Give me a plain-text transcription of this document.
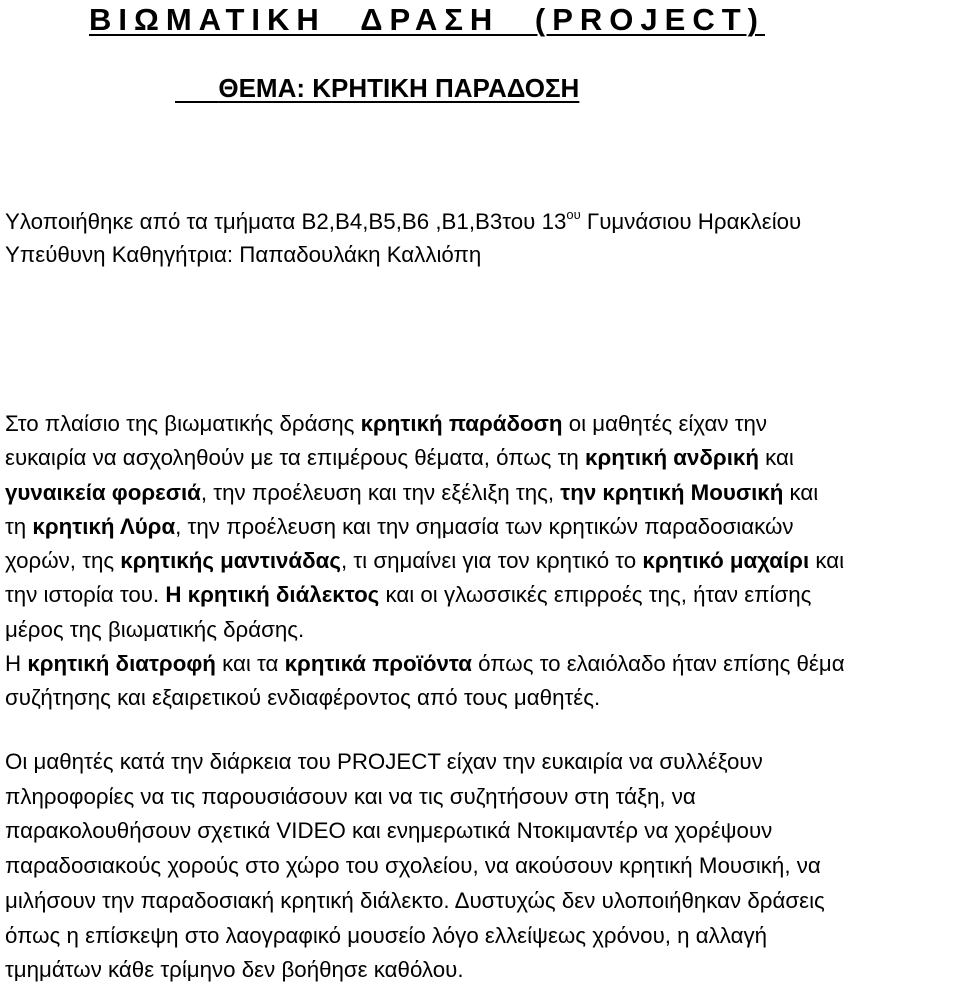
ΒΙΩΜΑΤΙΚΗ ΔΡΑΣΗ (PROJECT)
ΘΕΜΑ: ΚΡΗΤΙΚΗ ΠΑΡΑΔΟΣΗ
Υλοποιήθηκε από τα τμήματα Β2,Β4,Β5,Β6 ,Β1,Β3του $13^{o\upsilon}$ Γυμνάσιου Ηρακλείου
Υπεύθυνη Καθηγήτρια: Παπαδουλάκη Καλλιόπη
Στο πλαίσιο της βιωματικής δράσης κρητική παράδοση οι μαθητές είχαν την
ευκαιρία να ασχοληθούν με τα επιμέρους θέματα, όπως τη κρητική ανδρική και
γυναικεία φορεσιά, την προέλευση και την εξέλιξη της, την κρητική Μουσική και
τη κρητική Λύρα, την προέλευση και την σημασία των κρητικών παραδοσιακών
χορών, της κρητικής μαντινάδας, τι σημαίνει για τον κρητικό το κρητικό μαχαίρι και
την ιστορία του. Η κρητική διάλεκτος και οι γλωσσικές επιρροές της, ήταν επίσης
μέρος της βιωματικής δράσης.
Η κρητική διατροφή και τα κρητικά προϊόντα όπως το ελαιόλαδο ήταν επίσης θέμα
συζήτησης και εξαιρετικού ενδιαφέροντος από τους μαθητές.
Οι μαθητές κατά την διάρκεια του PROJECT είχαν την ευκαιρία να συλλέξουν
πληροφορίες να τις παρουσιάσουν και να τις συζητήσουν στη τάξη, να
παρακολουθήσουν σχετικά VIDEO και ενημερωτικά Ντοκιμαντέρ να χορέψουν
παραδοσιακούς χορούς στο χώρο του σχολείου, να ακούσουν κρητική Μουσική, να
μιλήσουν την παραδοσιακή κρητική διάλεκτο. Δυστυχώς δεν υλοποιήθηκαν δράσεις
όπως η επίσκεψη στο λαογραφικό μουσείο λόγο ελλείψεως χρόνου, η αλλαγή
τμημάτων κάθε τρίμηνο δεν βοήθησε καθόλου.
